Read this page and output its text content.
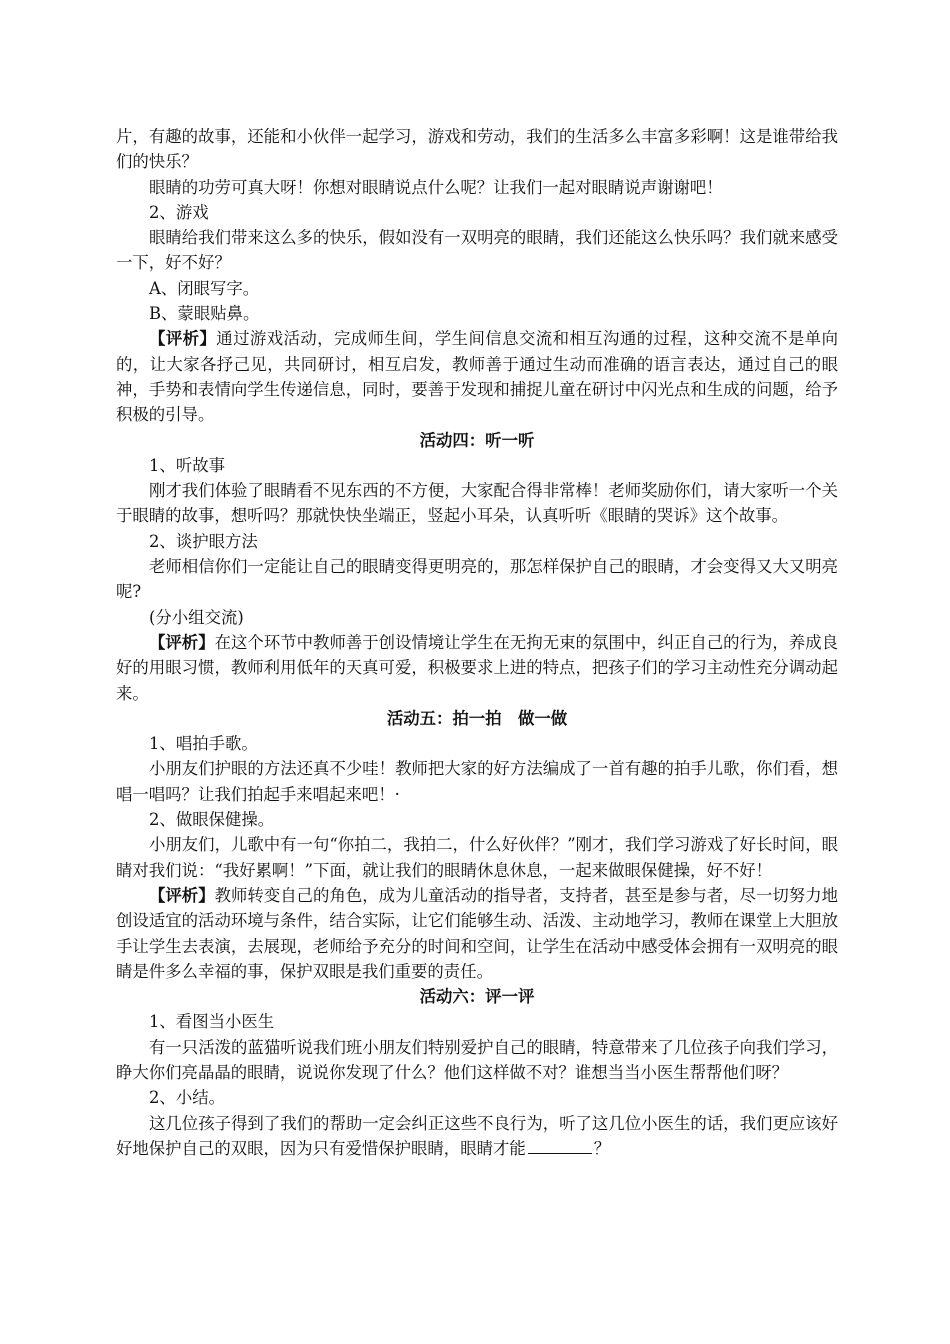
片，有趣的故事，还能和小伙伴一起学习，游戏和劳动，我们的生活多么丰富多彩啊！这是谁带给我们的快乐？

眼睛的功劳可真大呀！你想对眼睛说点什么呢？让我们一起对眼睛说声谢谢吧！

2、游戏

眼睛给我们带来这么多的快乐，假如没有一双明亮的眼睛，我们还能这么快乐吗？我们就来感受一下，好不好？

A、闭眼写字。

B、蒙眼贴鼻。

【评析】通过游戏活动，完成师生间，学生间信息交流和相互沟通的过程，这种交流不是单向的，让大家各抒己见，共同研讨，相互启发，教师善于通过生动而准确的语言表达，通过自己的眼神，手势和表情向学生传递信息，同时，要善于发现和捕捉儿童在研讨中闪光点和生成的问题，给予积极的引导。

活动四：听一听

1、听故事

刚才我们体验了眼睛看不见东西的不方便，大家配合得非常棒！老师奖励你们，请大家听一个关于眼睛的故事，想听吗？那就快快坐端正，竖起小耳朵，认真听听《眼睛的哭诉》这个故事。

2、谈护眼方法

老师相信你们一定能让自己的眼睛变得更明亮的，那怎样保护自己的眼睛，才会变得又大又明亮呢?

(分小组交流)

【评析】在这个环节中教师善于创设情境让学生在无拘无束的氛围中，纠正自己的行为，养成良好的用眼习惯，教师利用低年的天真可爱，积极要求上进的特点，把孩子们的学习主动性充分调动起来。

活动五：拍一拍　做一做

1、唱拍手歌。

小朋友们护眼的方法还真不少哇！教师把大家的好方法编成了一首有趣的拍手儿歌，你们看，想唱一唱吗？让我们拍起手来唱起来吧！·

2、做眼保健操。

小朋友们，儿歌中有一句“你拍二，我拍二，什么好伙伴？”刚才，我们学习游戏了好长时间，眼睛对我们说：“我好累啊！”下面，就让我们的眼睛休息休息，一起来做眼保健操，好不好！

【评析】教师转变自己的角色，成为儿童活动的指导者，支持者，甚至是参与者，尽一切努力地创设适宜的活动环境与条件，结合实际，让它们能够生动、活泼、主动地学习，教师在课堂上大胆放手让学生去表演，去展现，老师给予充分的时间和空间，让学生在活动中感受体会拥有一双明亮的眼睛是件多么幸福的事，保护双眼是我们重要的责任。

活动六：评一评

1、看图当小医生

有一只活泼的蓝猫听说我们班小朋友们特别爱护自己的眼睛，特意带来了几位孩子向我们学习，睁大你们亮晶晶的眼睛，说说你发现了什么？他们这样做不对？谁想当当小医生帮帮他们呀？

2、小结。

这几位孩子得到了我们的帮助一定会纠正这些不良行为，听了这几位小医生的话，我们更应该好好地保护自己的双眼，因为只有爱惜保护眼睛，眼睛才能	？
